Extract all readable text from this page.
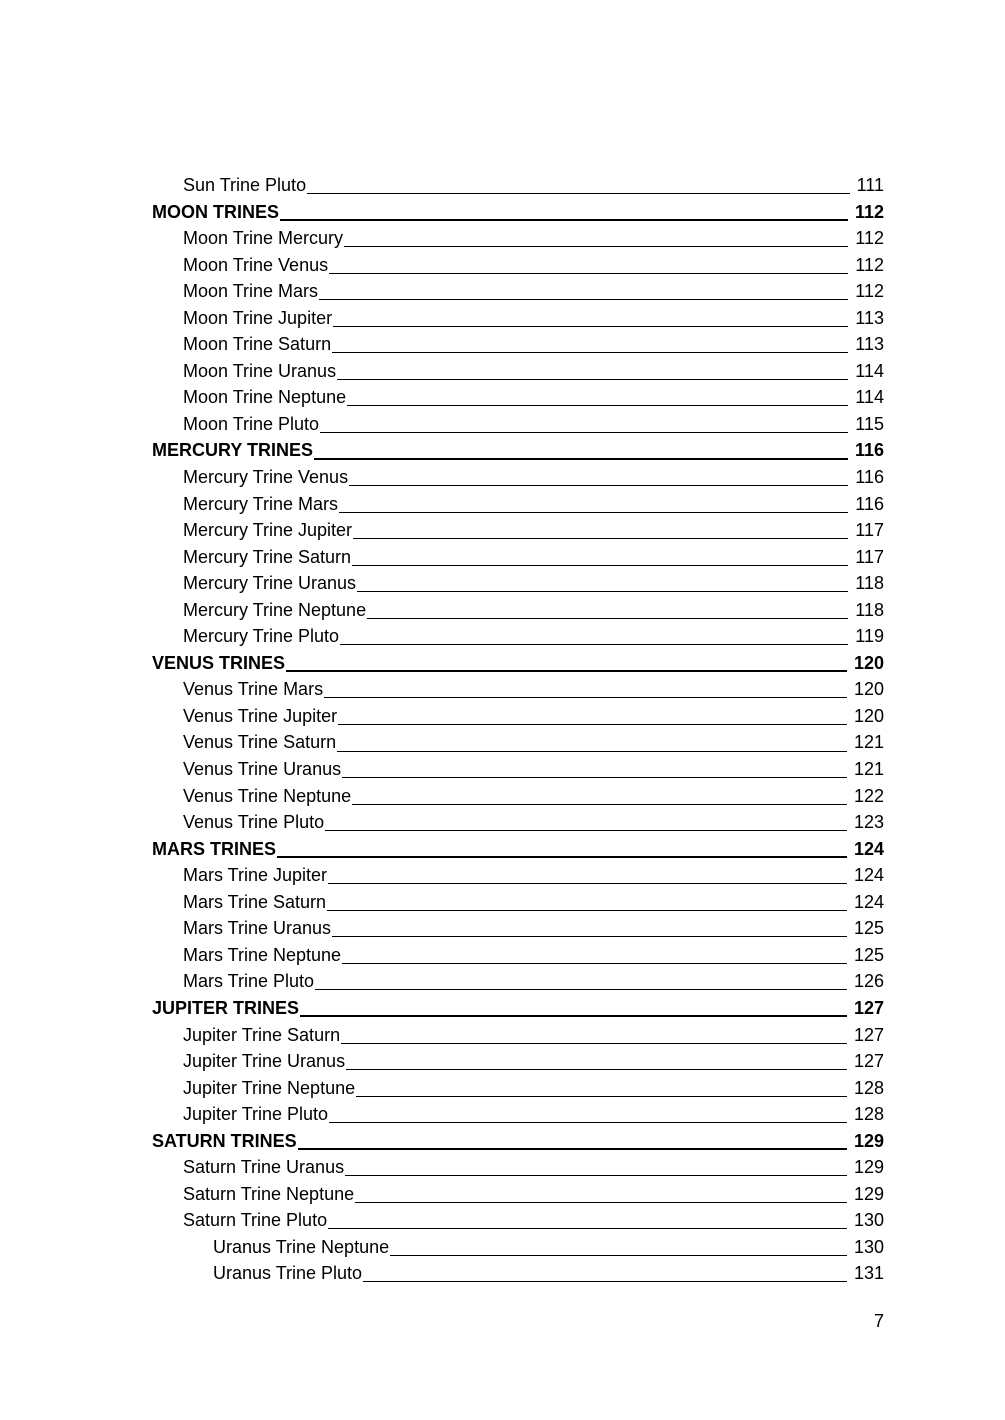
Sun Trine Pluto	111
MOON TRINES	112
Moon Trine Mercury	112
Moon Trine Venus	112
Moon Trine Mars	112
Moon Trine Jupiter	113
Moon Trine Saturn	113
Moon Trine Uranus	114
Moon Trine Neptune	114
Moon Trine Pluto	115
MERCURY TRINES	116
Mercury Trine Venus	116
Mercury Trine Mars	116
Mercury Trine Jupiter	117
Mercury Trine Saturn	117
Mercury Trine Uranus	118
Mercury Trine Neptune	118
Mercury Trine Pluto	119
VENUS TRINES	120
Venus Trine Mars	120
Venus Trine Jupiter	120
Venus Trine Saturn	121
Venus Trine Uranus	121
Venus Trine Neptune	122
Venus Trine Pluto	123
MARS TRINES	124
Mars Trine Jupiter	124
Mars Trine Saturn	124
Mars Trine Uranus	125
Mars Trine Neptune	125
Mars Trine Pluto	126
JUPITER TRINES	127
Jupiter Trine Saturn	127
Jupiter Trine Uranus	127
Jupiter Trine Neptune	128
Jupiter Trine Pluto	128
SATURN TRINES	129
Saturn Trine Uranus	129
Saturn Trine Neptune	129
Saturn Trine Pluto	130
Uranus Trine Neptune	130
Uranus Trine Pluto	131
7
